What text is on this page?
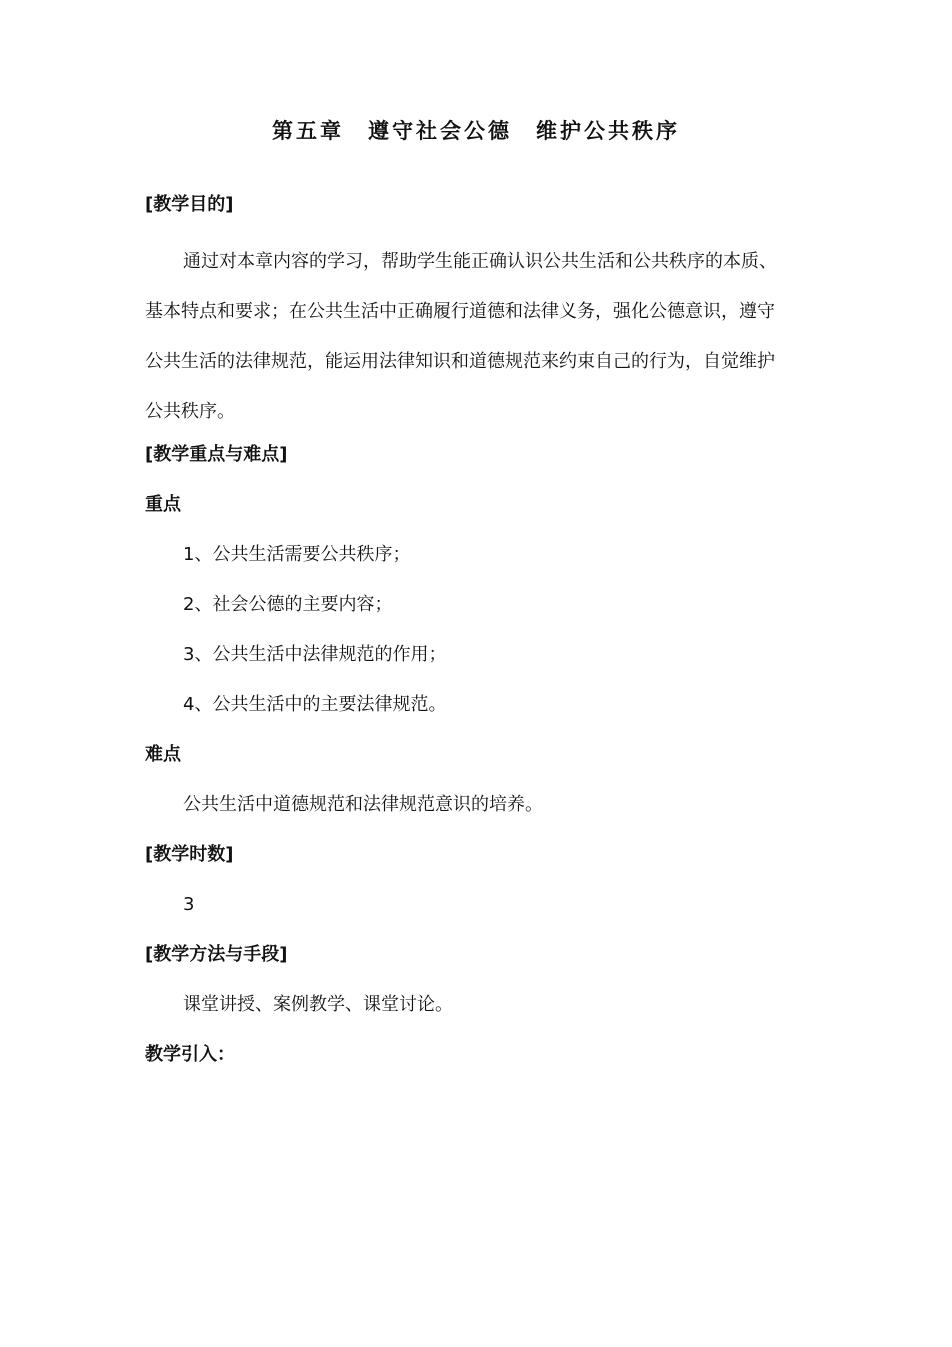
第五章　遵守社会公德　维护公共秩序
[教学目的]
通过对本章内容的学习，帮助学生能正确认识公共生活和公共秩序的本质、
基本特点和要求；在公共生活中正确履行道德和法律义务，强化公德意识，遵守
公共生活的法律规范，能运用法律知识和道德规范来约束自己的行为，自觉维护
公共秩序。
[教学重点与难点]
重点
1、公共生活需要公共秩序；
2、社会公德的主要内容；
3、公共生活中法律规范的作用；
4、公共生活中的主要法律规范。
难点
公共生活中道德规范和法律规范意识的培养。
[教学时数]
3
[教学方法与手段]
课堂讲授、案例教学、课堂讨论。
教学引入：
